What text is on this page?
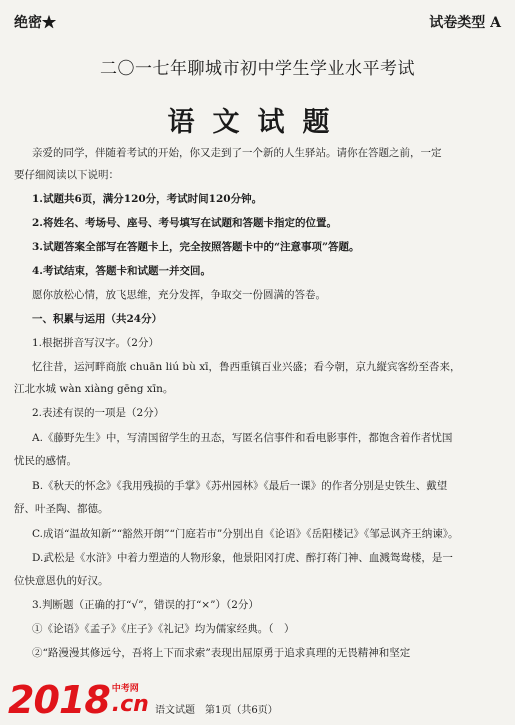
绝密★	试卷类型 A
二〇一七年聊城市初中学生学业水平考试
语文试题
亲爱的同学，伴随着考试的开始，你又走到了一个新的人生驿站。请你在答题之前，一定
要仔细阅读以下说明：
1.试题共6页，满分120分，考试时间120分钟。
2.将姓名、考场号、座号、考号填写在试题和答题卡指定的位置。
3.试题答案全部写在答题卡上，完全按照答题卡中的“注意事项”答题。
4.考试结束，答题卡和试题一并交回。
愿你放松心情，放飞思维，充分发挥，争取交一份圆满的答卷。
一、积累与运用（共24分）
1.根据拼音写汉字。（2分）
忆往昔，运河畔商旅 chuān liú bù xī，鲁西重镇百业兴盛；看今朝，京九縦宾客纷至沓来，
江北水城 wàn xiàng gēng xīn。
2.表述有误的一项是（2分）
A.《藤野先生》中，写清国留学生的丑态，写匿名信事件和看电影事件，都饱含着作者忧国
忧民的感情。
B.《秋天的怀念》《我用残损的手掌》《苏州园林》《最后一课》的作者分别是史铁生、戴望
舒、叶圣陶、都德。
C.成语“温故知新”“豁然开朗”“门庭若市”分别出自《论语》《岳阳楼记》《邹忌讽齐王纳谏》。
D.武松是《水浒》中着力塑造的人物形象，他景阳冈打虎、醉打蒋门神、血溅鸳鸯楼，是一
位快意恩仇的好汉。
3.判断题（正确的打“√”，错误的打“×”）（2分）
①《论语》《孟子》《庄子》《礼记》均为儒家经典。（　）
②“路漫漫其修远兮，吾将上下而求索”表现出屈原勇于追求真理的无畏精神和坚定
2018 中考网
.cn 语文试题　第1页（共6页）
